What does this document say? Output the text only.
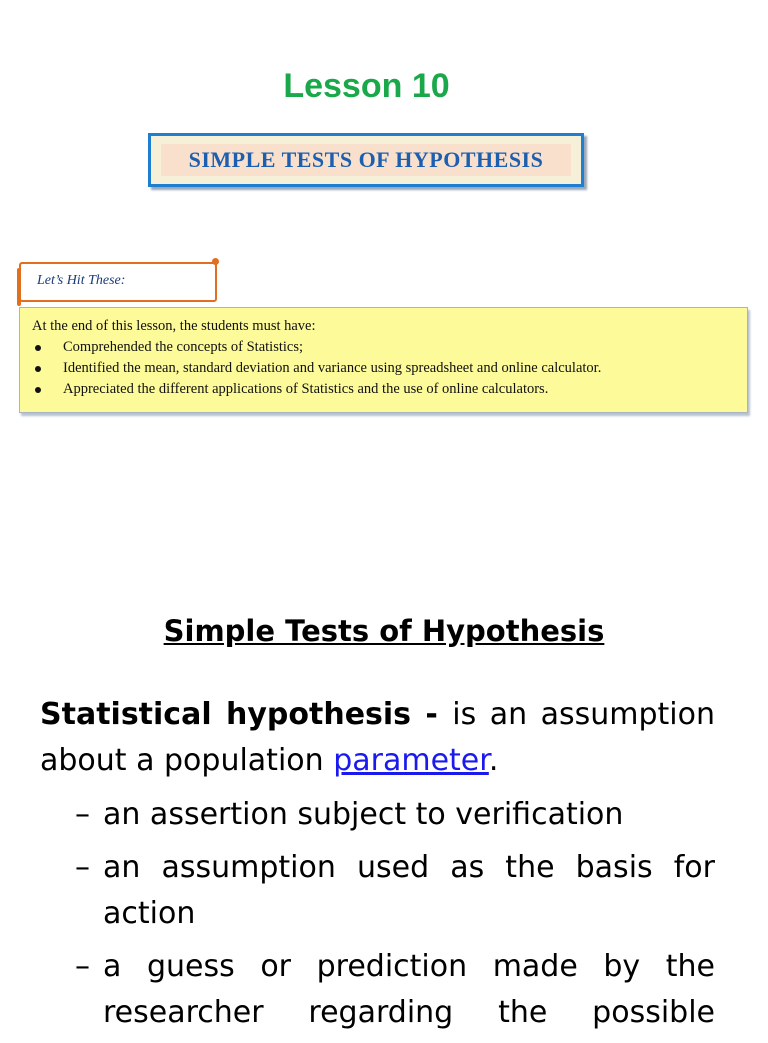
Lesson 10
SIMPLE TESTS OF HYPOTHESIS
Let’s Hit These:
At the end of this lesson, the students must have:
Comprehended the concepts of Statistics;
Identified the mean, standard deviation and variance using spreadsheet and online calculator.
Appreciated the different applications of Statistics and the use of online calculators.
Simple Tests of Hypothesis
Statistical hypothesis - is an assumption about a population parameter.
– an assertion subject to verification
– an assumption used as the basis for action
– a guess or prediction made by the researcher regarding the possible
